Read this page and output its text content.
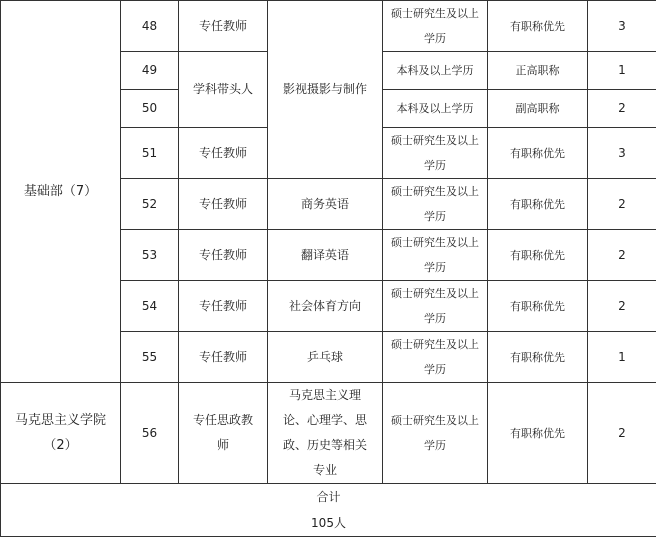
基础部（7）	48	专任教师	影视摄影与制作	硕士研究生及以上学历	有职称优先	3
	49	学科带头人		本科及以上学历	正高职称	1
	50			本科及以上学历	副高职称	2
	51	专任教师		硕士研究生及以上学历	有职称优先	3
	52	专任教师	商务英语	硕士研究生及以上学历	有职称优先	2
	53	专任教师	翻译英语	硕士研究生及以上学历	有职称优先	2
	54	专任教师	社会体育方向	硕士研究生及以上学历	有职称优先	2
	55	专任教师	乒乓球	硕士研究生及以上学历	有职称优先	1
马克思主义学院（2）	56	专任思政教师	马克思主义理论、心理学、思政、历史等相关专业	硕士研究生及以上学历	有职称优先	2

合计
105人						
